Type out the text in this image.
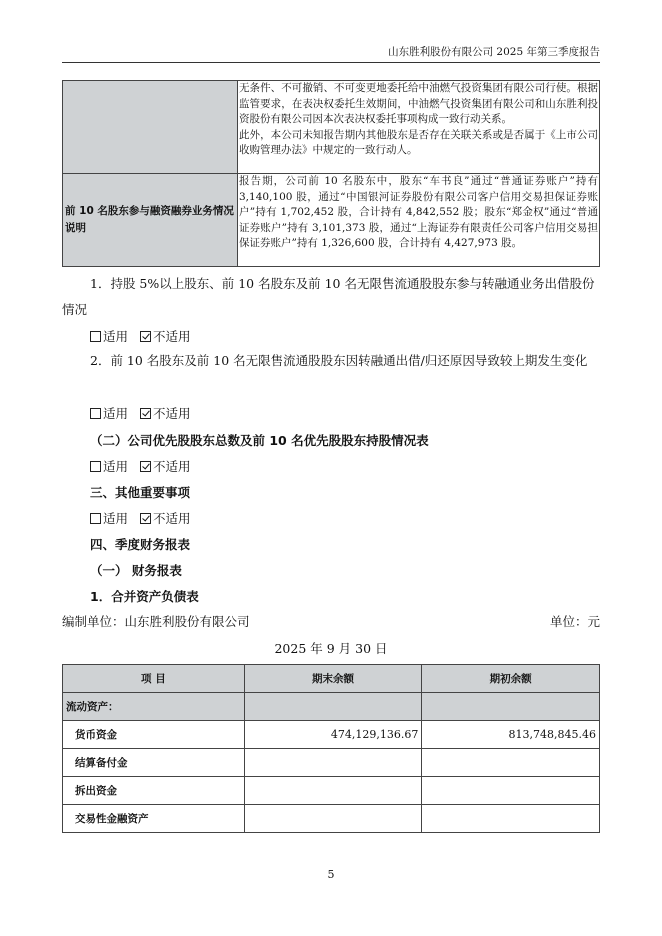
山东胜利股份有限公司 2025 年第三季度报告

	无条件、不可撤销、不可变更地委托给中油燃气投资集团有限公司行使。根据监管要求，在表决权委托生效期间，中油燃气投资集团有限公司和山东胜利投资股份有限公司因本次表决权委托事项构成一致行动关系。

此外，本公司未知报告期内其他股东是否存在关联关系或是否属于《上市公司收购管理办法》中规定的一致行动人。

前 10 名股东参与融资融券业务情况说明	报告期，公司前 10 名股东中，股东“车书良”通过“普通证券账户”持有 3,140,100 股，通过“中国银河证券股份有限公司客户信用交易担保证券账户”持有 1,702,452 股，合计持有 4,842,552 股；股东“郑金权”通过“普通证券账户”持有 3,101,373 股，通过“上海证券有限责任公司客户信用交易担保证券账户”持有 1,326,600 股，合计持有 4,427,973 股。
1．持股 5%以上股东、前 10 名股东及前 10 名无限售流通股股东参与转融通业务出借股份情况
适用 不适用
2．前 10 名股东及前 10 名无限售流通股股东因转融通出借/归还原因导致较上期发生变化
适用 不适用
（二）公司优先股股东总数及前 10 名优先股股东持股情况表
适用 不适用
三、其他重要事项
适用 不适用
四、季度财务报表
（一） 财务报表
1．合并资产负债表
编制单位：山东胜利股份有限公司	单位：元
2025 年 9 月 30 日
项 目	期末余额	期初余额
流动资产：		
货币资金	474,129,136.67	813,748,845.46
结算备付金		
拆出资金		
交易性金融资产		
5
